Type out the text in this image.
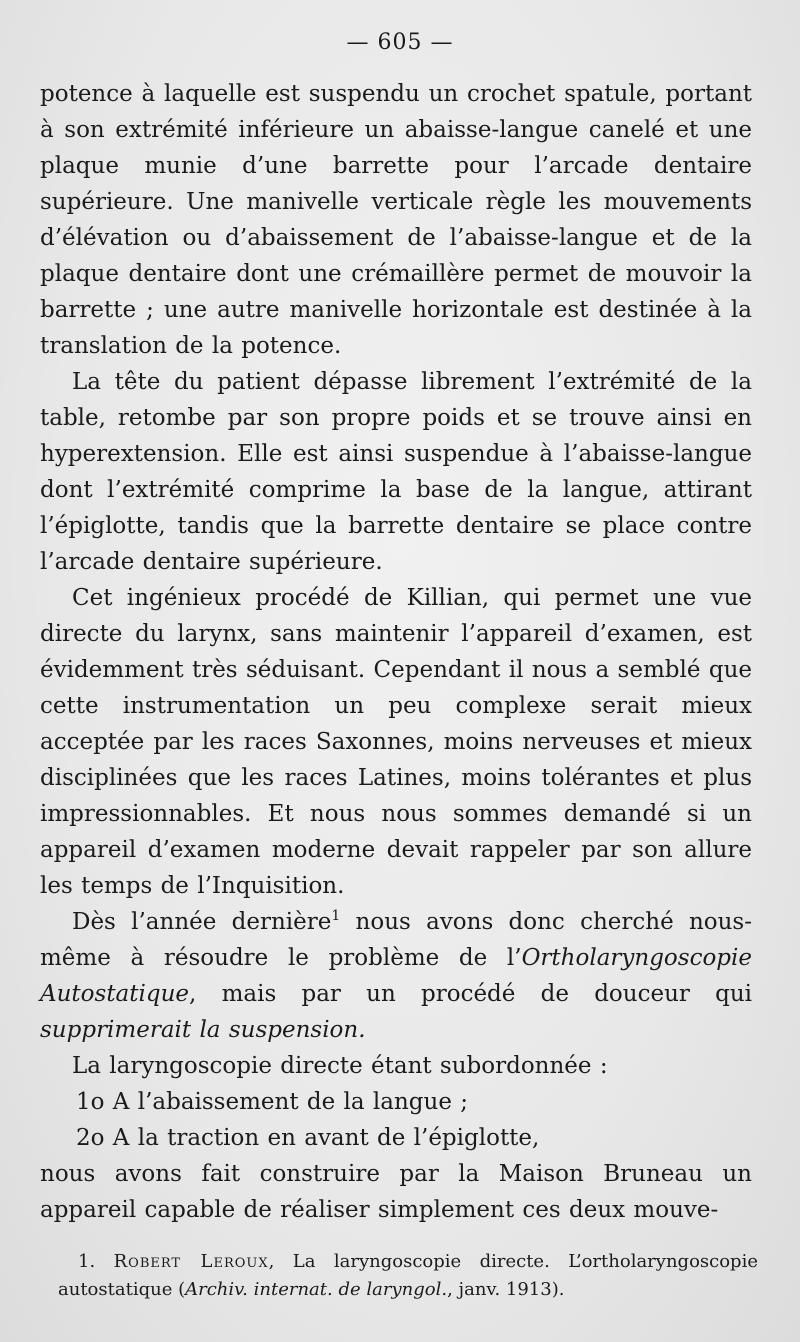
— 605 —

potence à laquelle est suspendu un crochet spatule, portant à son extrémité inférieure un abaisse-langue canelé et une plaque munie d’une barrette pour l’arcade dentaire supérieure. Une manivelle verticale règle les mouvements d’élévation ou d’abaissement de l’abaisse-langue et de la plaque dentaire dont une crémaillère permet de mouvoir la barrette ; une autre manivelle horizontale est destinée à la translation de la potence.

La tête du patient dépasse librement l’extrémité de la table, retombe par son propre poids et se trouve ainsi en hyperextension. Elle est ainsi suspendue à l’abaisse-langue dont l’extrémité comprime la base de la langue, attirant l’épiglotte, tandis que la barrette dentaire se place contre l’arcade dentaire supérieure.

Cet ingénieux procédé de Killian, qui permet une vue directe du larynx, sans maintenir l’appareil d’examen, est évidemment très séduisant. Cependant il nous a semblé que cette instrumentation un peu complexe serait mieux acceptée par les races Saxonnes, moins nerveuses et mieux disciplinées que les races Latines, moins tolérantes et plus impressionnables. Et nous nous sommes demandé si un appareil d’examen moderne devait rappeler par son allure les temps de l’Inquisition.

Dès l’année dernière$^1$ nous avons donc cherché nous-même à résoudre le problème de l’Ortholaryngoscopie Autostatique, mais par un procédé de douceur qui supprimerait la suspension.

La laryngoscopie directe étant subordonnée :

1o A l’abaissement de la langue ;

2o A la traction en avant de l’épiglotte,

nous avons fait construire par la Maison Bruneau un appareil capable de réaliser simplement ces deux mouve-

1. Robert Leroux, La laryngoscopie directe. L’ortholaryngoscopie autostatique (Archiv. internat. de laryngol., janv. 1913).
